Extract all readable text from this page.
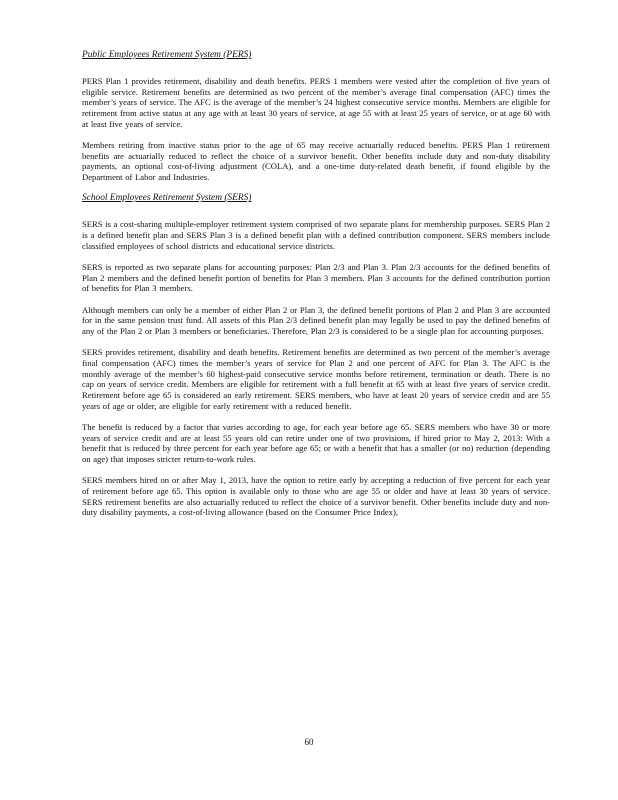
Public Employees Retirement System (PERS)

PERS Plan 1 provides retirement, disability and death benefits. PERS 1 members were vested after the completion of five years of eligible service. Retirement benefits are determined as two percent of the member’s average final compensation (AFC) times the member’s years of service. The AFC is the average of the member’s 24 highest consecutive service months. Members are eligible for retirement from active status at any age with at least 30 years of service, at age 55 with at least 25 years of service, or at age 60 with at least five years of service.

Members retiring from inactive status prior to the age of 65 may receive actuarially reduced benefits. PERS Plan 1 retirement benefits are actuarially reduced to reflect the choice of a survivor benefit. Other benefits include duty and non-duty disability payments, an optional cost-of-living adjustment (COLA), and a one-time duty-related death benefit, if found eligible by the Department of Labor and Industries.

School Employees Retirement System (SERS)

SERS is a cost-sharing multiple-employer retirement system comprised of two separate plans for membership purposes. SERS Plan 2 is a defined benefit plan and SERS Plan 3 is a defined benefit plan with a defined contribution component. SERS members include classified employees of school districts and educational service districts.

SERS is reported as two separate plans for accounting purposes: Plan 2/3 and Plan 3. Plan 2/3 accounts for the defined benefits of Plan 2 members and the defined benefit portion of benefits for Plan 3 members. Plan 3 accounts for the defined contribution portion of benefits for Plan 3 members.

Although members can only be a member of either Plan 2 or Plan 3, the defined benefit portions of Plan 2 and Plan 3 are accounted for in the same pension trust fund. All assets of this Plan 2/3 defined benefit plan may legally be used to pay the defined benefits of any of the Plan 2 or Plan 3 members or beneficiaries. Therefore, Plan 2/3 is considered to be a single plan for accounting purposes.

SERS provides retirement, disability and death benefits. Retirement benefits are determined as two percent of the member’s average final compensation (AFC) times the member’s years of service for Plan 2 and one percent of AFC for Plan 3. The AFC is the monthly average of the member’s 60 highest-paid consecutive service months before retirement, termination or death. There is no cap on years of service credit. Members are eligible for retirement with a full benefit at 65 with at least five years of service credit. Retirement before age 65 is considered an early retirement. SERS members, who have at least 20 years of service credit and are 55 years of age or older, are eligible for early retirement with a reduced benefit.

The benefit is reduced by a factor that varies according to age, for each year before age 65. SERS members who have 30 or more years of service credit and are at least 55 years old can retire under one of two provisions, if hired prior to May 2, 2013: With a benefit that is reduced by three percent for each year before age 65; or with a benefit that has a smaller (or no) reduction (depending on age) that imposes stricter return-to-work rules.

SERS members hired on or after May 1, 2013, have the option to retire early by accepting a reduction of five percent for each year of retirement before age 65. This option is available only to those who are age 55 or older and have at least 30 years of service. SERS retirement benefits are also actuarially reduced to reflect the choice of a survivor benefit. Other benefits include duty and non-duty disability payments, a cost-of-living allowance (based on the Consumer Price Index),

60
